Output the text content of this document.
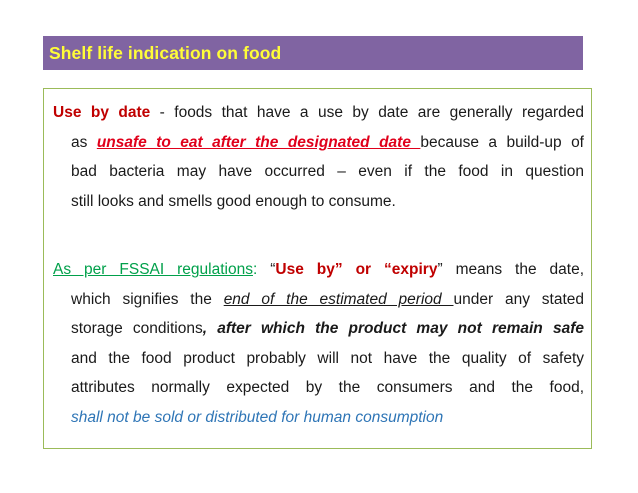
Shelf life indication on food
Use by date - foods that have a use by date are generally regarded
as unsafe to eat after the designated date because a build-up of
bad bacteria may have occurred – even if the food in question
still looks and smells good enough to consume.
As per FSSAI regulations: “Use by” or “expiry” means the date,
which signifies the end of the estimated period under any stated
storage conditions, after which the product may not remain safe
and the food product probably will not have the quality of safety
attributes normally expected by the consumers and the food,
shall not be sold or distributed for human consumption
